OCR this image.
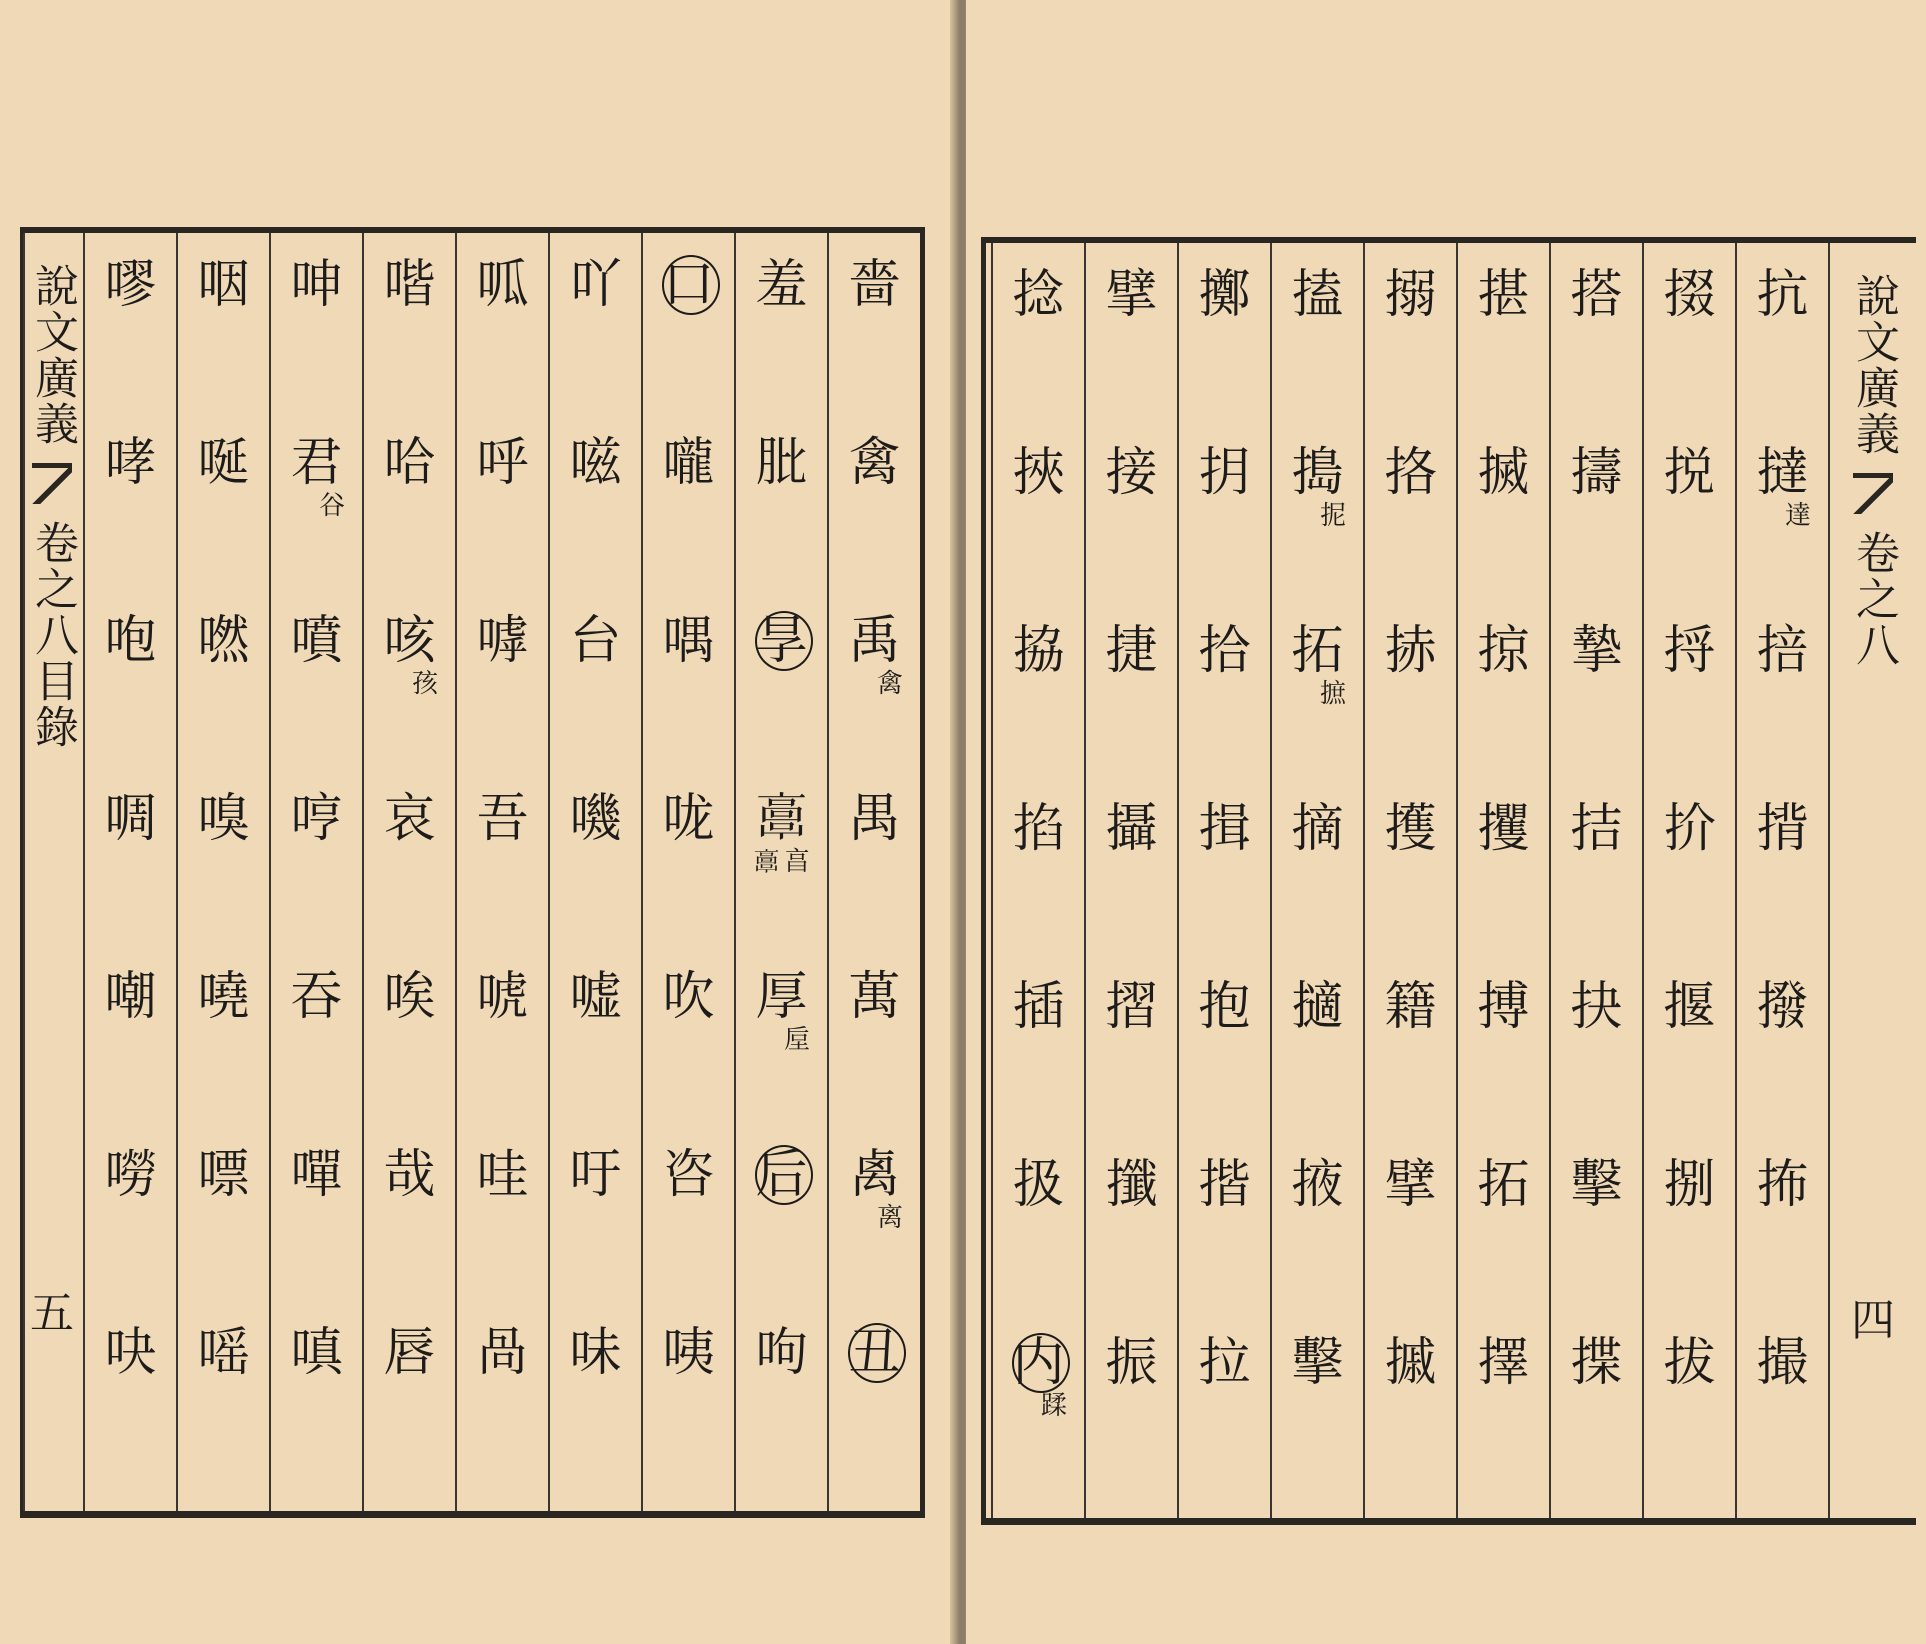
說文廣義
卷之八目錄
五
嗇
禽
禹
禽
禺
萬
禼
离
丑
羞
肶
㫗
𩫖
亯𩫖
厚
垕
后
呴
口
嚨
喁
咙
吹
咨
咦
吖
嗞
台
嘰
嘘
吁
味
呱
呼
嘑
吾
唬
哇
咼
喈
哈
咳
孩
哀
唉
哉
唇
呻
君
谷
噴
哼
吞
嘽
嗔
咽
唌
嘫
嗅
嘵
嘌
嗂
嘐
哮
咆
啁
嘲
嘮
吷
說文廣義
卷之八
四
抗
撻
達
掊
揹
撥
抪
撮
掇
捝
捋
扴
揠
捌
拔
搭
擣
摯
拮
抉
擊
揲
揕
搣
掠
攫
搏
拓
擇
搦
挌
捇
擭
籍
擘
摵
搕
搗
抳
拓
摭
摘
擿
掖
擊
擲
抈
拾
揖
抱
揩
拉
擘
接
捷
攝
摺
攕
振
捻
挾
拹
掐
插
扱
内
蹂
